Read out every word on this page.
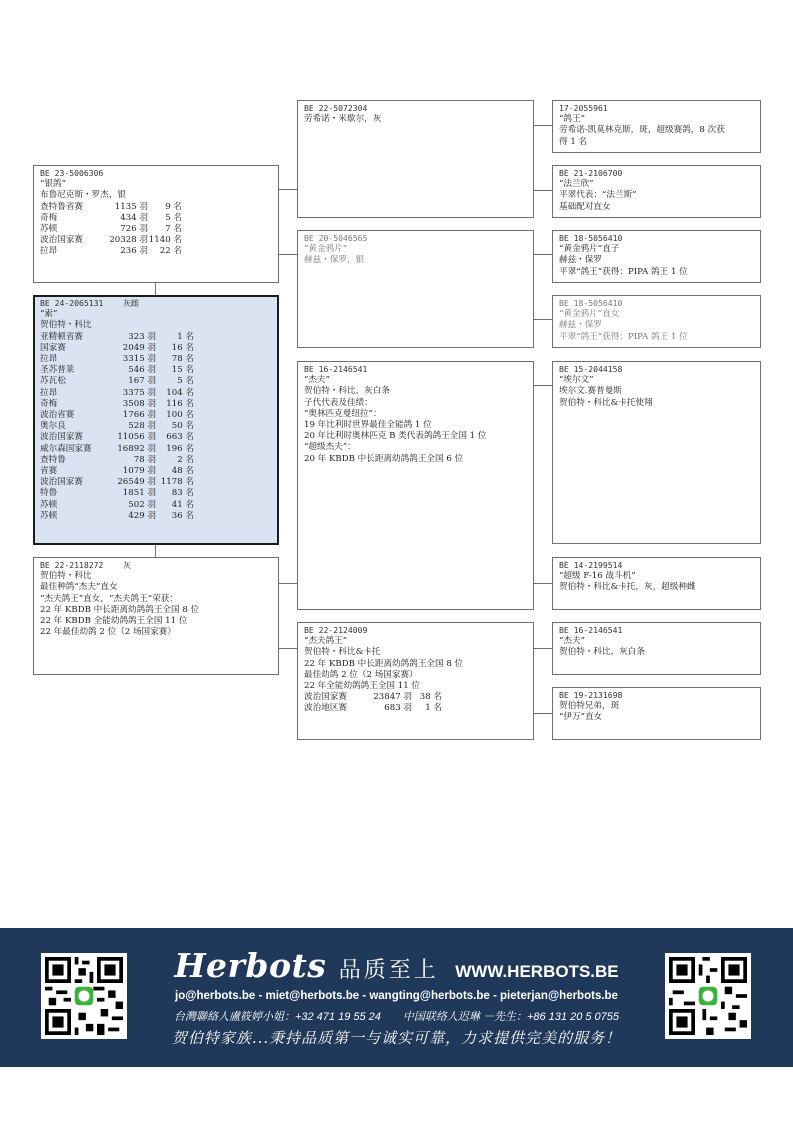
BE 23-5006306
“银鸽”
布鲁尼克斯・罗杰，银
查特鲁省赛	1135 羽	9 名
奇梅	434 羽	5 名
苏顿	726 羽	7 名
波治国家赛	20328 羽 1140 名
拉昂	236 羽	22 名
BE 24-2065131    灰雌
“索”
贺伯特・科比
亚精顿省赛	323 羽	1 名
国家赛	2049 羽	16 名
拉昂	3315 羽	78 名
圣苏普莱	546 羽	15 名
苏瓦松	167 羽	5 名
拉昂	3375 羽	104 名
奇梅	3508 羽	116 名
波治省赛	1766 羽	100 名
奥尔良	528 羽	50 名
波治国家赛	11056 羽	663 名
威尔森国家赛	16892 羽	196 名
查特鲁	78 羽	2 名
省赛	1079 羽	48 名
波治国家赛	26549 羽 1178 名
特鲁	1851 羽	83 名
苏顿	502 羽	41 名
苏顿	429 羽	36 名
BE 22-2118272    灰
贺伯特・科比
最佳种鸽“杰夫”直女
“杰夫鸽王”直女，“杰夫鸽王”荣获：
22 年 KBDB 中长距离幼鸽鸽王全国 8 位
22 年 KBDB 全能幼鸽鸽王全国 11 位
22 年最佳幼鸽 2 位（2 场国家赛）
BE 22-5072304
劳希诺・米歇尔，灰
BE 20-5046565
“黄金鸦片”
赫兹・保罗，银
BE 16-2146541
“杰夫”
贺伯特・科比，灰白条
子代代表及佳绩：
“奥林匹克曼纽拉”：
19 年比利时世界最佳全能鸽 1 位
20 年比利时奥林匹克 B 类代表鸽鸽王全国 1 位
“超级杰夫”：
20 年 KBDB 中长距离幼鸽鸽王全国 6 位
BE 22-2124009
“杰夫鸽王”
贺伯特・科比&卡托
22 年 KBDB 中长距离幼鸽鸽王全国 8 位
最佳幼鸽 2 位（2 场国家赛）
22 年全能幼鸽鸽王全国 11 位
波治国家赛	23847 羽 38 名
波治地区赛	683 羽	1 名
17-2055961
“鸽王”
劳希诺-凯莫林克斯，斑，超级赛鸽，8 次获
得 1 名
BE 21-2106700
“法兰欣”
平翠代表：“法兰斯”
基础配对直女
BE 18-5056410
“黄金鸦片”直子
赫兹・保罗
平翠“鸽王”获得：PIPA 鸽王 1 位
BE 18-5056410
“黄金鸦片”直女
赫兹・保罗
平翠“鸽王”获得：PIPA 鸽王 1 位
BE 15-2044158
“埃尔文”
埃尔文.赛普曼斯
贺伯特・科比&卡托使翔
BE 14-2199514
“超级 F-16 战斗机”
贺伯特・科比&卡托，灰，超级种雌
BE 16-2146541
“杰夫”
贺伯特・科比，灰白条
BE 19-2131698
贺伯特兄弟，斑
“伊万”直女
Herbots 品质至上 WWW.HERBOTS.BE
jo@herbots.be - miet@herbots.be - wangting@herbots.be - pieterjan@herbots.be
台灣聯絡人盧筱婷小姐：+32 471 19 55 24　　中国联络人迟琳 －先生：+86 131 20 5 0755
贺伯特家族...秉持品质第一与诚实可靠，力求提供完美的服务！
